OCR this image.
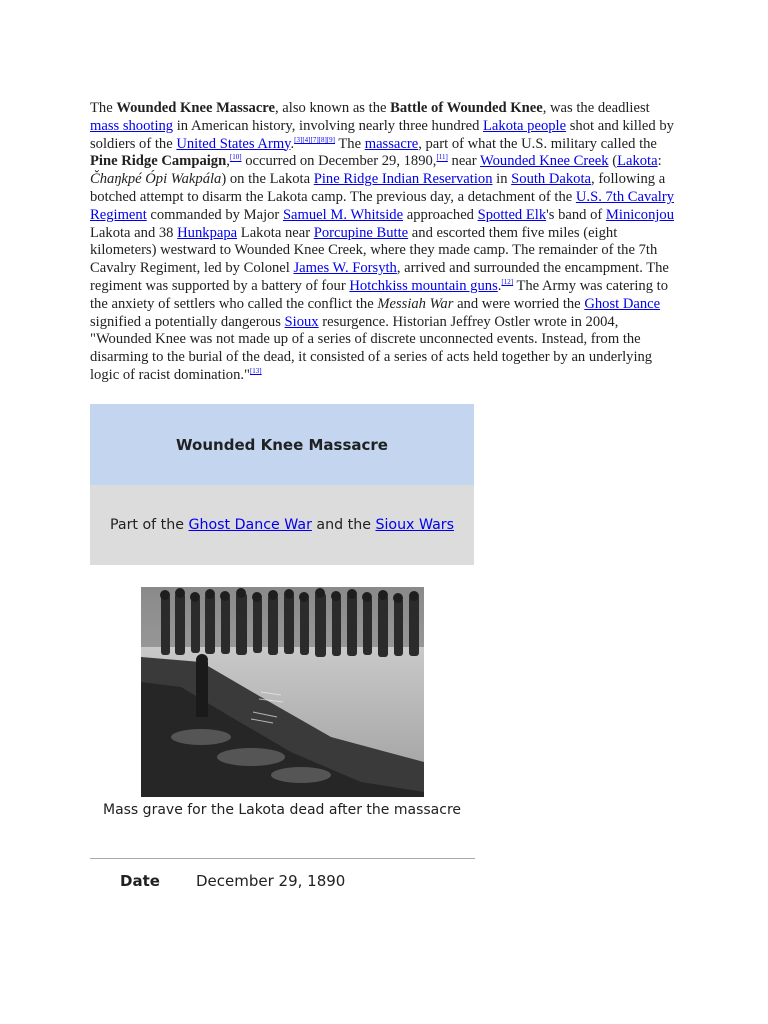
The Wounded Knee Massacre, also known as the Battle of Wounded Knee, was the deadliest mass shooting in American history, involving nearly three hundred Lakota people shot and killed by soldiers of the United States Army.[3][4][7][8][9] The massacre, part of what the U.S. military called the Pine Ridge Campaign,[10] occurred on December 29, 1890,[11] near Wounded Knee Creek (Lakota: Čhaŋkpé Ópi Wakpála) on the Lakota Pine Ridge Indian Reservation in South Dakota, following a botched attempt to disarm the Lakota camp. The previous day, a detachment of the U.S. 7th Cavalry Regiment commanded by Major Samuel M. Whitside approached Spotted Elk's band of Miniconjou Lakota and 38 Hunkpapa Lakota near Porcupine Butte and escorted them five miles (eight kilometers) westward to Wounded Knee Creek, where they made camp. The remainder of the 7th Cavalry Regiment, led by Colonel James W. Forsyth, arrived and surrounded the encampment. The regiment was supported by a battery of four Hotchkiss mountain guns.[12] The Army was catering to the anxiety of settlers who called the conflict the Messiah War and were worried the Ghost Dance signified a potentially dangerous Sioux resurgence. Historian Jeffrey Ostler wrote in 2004, "Wounded Knee was not made up of a series of discrete unconnected events. Instead, from the disarming to the burial of the dead, it consisted of a series of acts held together by an underlying logic of racist domination."[13]

Wounded Knee Massacre
Part of the Ghost Dance War and the Sioux Wars
Mass grave for the Lakota dead after the massacre
Date December 29, 1890
